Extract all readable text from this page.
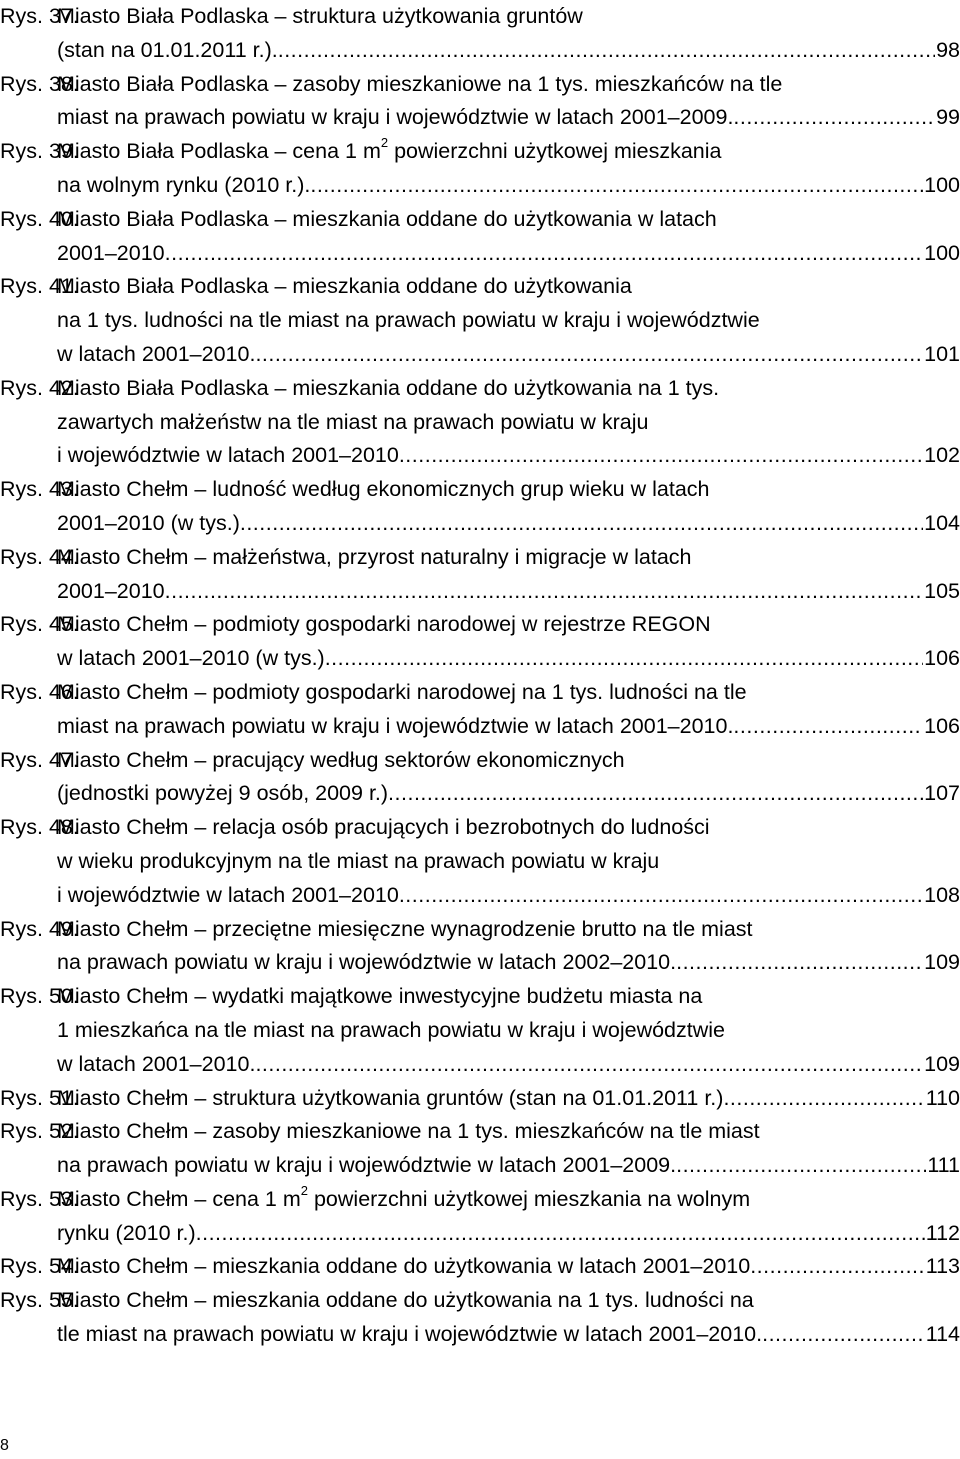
Rys. 37.
Miasto Biała Podlaska – struktura użytkowania gruntów
(stan na 01.01.2011 r.). .....	98
Rys. 38.
Miasto Biała Podlaska – zasoby mieszkaniowe na 1 tys. mieszkańców na tle
miast na prawach powiatu w kraju i województwie w latach 2001–2009. .....	99
Rys. 39.
Miasto Biała Podlaska – cena 1 $m^2$ powierzchni użytkowej mieszkania
na wolnym rynku (2010 r.). .....	100
Rys. 40.
Miasto Biała Podlaska – mieszkania oddane do użytkowania w latach
2001–2010 .....	100
Rys. 41.
Miasto Biała Podlaska – mieszkania oddane do użytkowania
na 1 tys. ludności na tle miast na prawach powiatu w kraju i województwie
w latach 2001–2010. .....	101
Rys. 42.
Miasto Biała Podlaska – mieszkania oddane do użytkowania na 1 tys.
zawartych małżeństw na tle miast na prawach powiatu w kraju
i województwie w latach 2001–2010 .....	102
Rys. 43.
Miasto Chełm – ludność według ekonomicznych grup wieku w latach
2001–2010 (w tys.) .....	104
Rys. 44.
Miasto Chełm – małżeństwa, przyrost naturalny i migracje w latach
2001–2010 .....	105
Rys. 45.
Miasto Chełm – podmioty gospodarki narodowej w rejestrze REGON
w latach 2001–2010 (w tys.) .....	106
Rys. 46.
Miasto Chełm – podmioty gospodarki narodowej na 1 tys. ludności na tle
miast na prawach powiatu w kraju i województwie w latach 2001–2010. .....	106
Rys. 47.
Miasto Chełm – pracujący według sektorów ekonomicznych
(jednostki powyżej 9 osób, 2009 r.) .....	107
Rys. 48.
Miasto Chełm – relacja osób pracujących i bezrobotnych do ludności
w wieku produkcyjnym na tle miast na prawach powiatu w kraju
i województwie w latach 2001–2010 .....	108
Rys. 49.
Miasto Chełm – przeciętne miesięczne wynagrodzenie brutto na tle miast
na prawach powiatu w kraju i województwie w latach 2002–2010. .....	109
Rys. 50.
Miasto Chełm – wydatki majątkowe inwestycyjne budżetu miasta na
1 mieszkańca na tle miast na prawach powiatu w kraju i województwie
w latach 2001–2010. .....	109
Rys. 51.
Miasto Chełm – struktura użytkowania gruntów (stan na 01.01.2011 r.) .....	110
Rys. 52.
Miasto Chełm – zasoby mieszkaniowe na 1 tys. mieszkańców na tle miast
na prawach powiatu w kraju i województwie w latach 2001–2009. .....	111
Rys. 53.
Miasto Chełm – cena 1 $m^2$ powierzchni użytkowej mieszkania na wolnym
rynku (2010 r.) .....	112
Rys. 54.
Miasto Chełm – mieszkania oddane do użytkowania w latach 2001–2010 .....	113
Rys. 55.
Miasto Chełm – mieszkania oddane do użytkowania na 1 tys. ludności na
tle miast na prawach powiatu w kraju i województwie w latach 2001–2010. .....	114
8
